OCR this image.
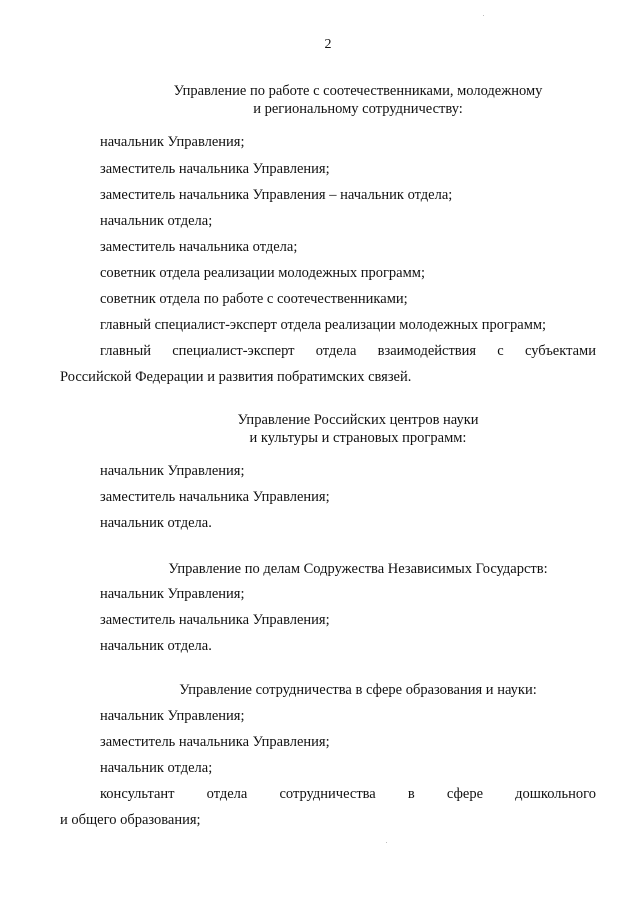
2
Управление по работе с соотечественниками, молодежному
и региональному сотрудничеству:
начальник Управления;
заместитель начальника Управления;
заместитель начальника Управления – начальник отдела;
начальник отдела;
заместитель начальника отдела;
советник отдела реализации молодежных программ;
советник отдела по работе с соотечественниками;
главный специалист-эксперт отдела реализации молодежных программ;
главный специалист-эксперт отдела взаимодействия с субъектами
Российской Федерации и развития побратимских связей.
Управление Российских центров науки
и культуры и страновых программ:
начальник Управления;
заместитель начальника Управления;
начальник отдела.
Управление по делам Содружества Независимых Государств:
начальник Управления;
заместитель начальника Управления;
начальник отдела.
Управление сотрудничества в сфере образования и науки:
начальник Управления;
заместитель начальника Управления;
начальник отдела;
консультант отдела сотрудничества в сфере дошкольного
и общего образования;
